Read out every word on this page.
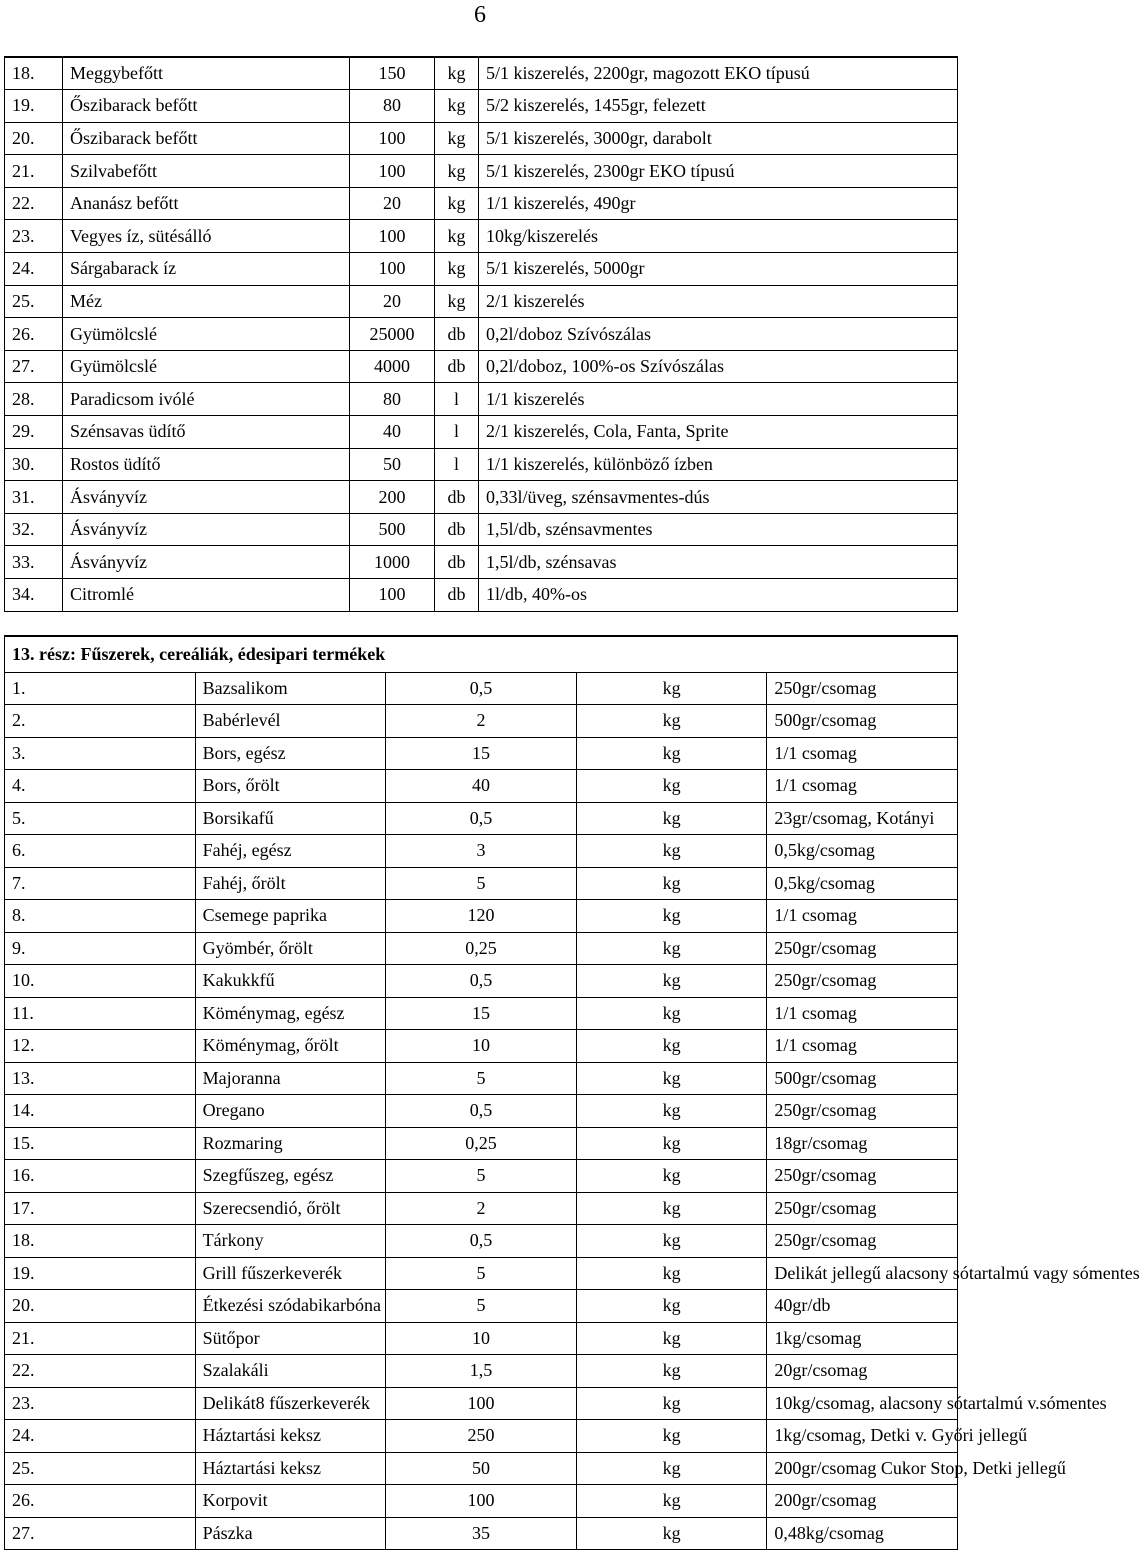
6
18.	Meggybefőtt	150	kg	5/1 kiszerelés, 2200gr, magozott EKO típusú
19.	Őszibarack befőtt	80	kg	5/2 kiszerelés, 1455gr, felezett
20.	Őszibarack befőtt	100	kg	5/1 kiszerelés, 3000gr, darabolt
21.	Szilvabefőtt	100	kg	5/1 kiszerelés, 2300gr EKO típusú
22.	Ananász befőtt	20	kg	1/1 kiszerelés, 490gr
23.	Vegyes íz, sütésálló	100	kg	10kg/kiszerelés
24.	Sárgabarack íz	100	kg	5/1 kiszerelés, 5000gr
25.	Méz	20	kg	2/1 kiszerelés
26.	Gyümölcslé	25000	db	0,2l/doboz Szívószálas
27.	Gyümölcslé	4000	db	0,2l/doboz, 100%-os Szívószálas
28.	Paradicsom ivólé	80	l	1/1 kiszerelés
29.	Szénsavas üdítő	40	l	2/1 kiszerelés, Cola, Fanta, Sprite
30.	Rostos üdítő	50	l	1/1 kiszerelés, különböző ízben
31.	Ásványvíz	200	db	0,33l/üveg, szénsavmentes-dús
32.	Ásványvíz	500	db	1,5l/db, szénsavmentes
33.	Ásványvíz	1000	db	1,5l/db, szénsavas
34.	Citromlé	100	db	1l/db, 40%-os
13. rész: Fűszerek, cereáliák, édesipari termékek				
1.	Bazsalikom	0,5	kg	250gr/csomag
2.	Babérlevél	2	kg	500gr/csomag
3.	Bors, egész	15	kg	1/1 csomag
4.	Bors, őrölt	40	kg	1/1 csomag
5.	Borsikafű	0,5	kg	23gr/csomag, Kotányi
6.	Fahéj, egész	3	kg	0,5kg/csomag
7.	Fahéj, őrölt	5	kg	0,5kg/csomag
8.	Csemege paprika	120	kg	1/1 csomag
9.	Gyömbér, őrölt	0,25	kg	250gr/csomag
10.	Kakukkfű	0,5	kg	250gr/csomag
11.	Köménymag, egész	15	kg	1/1 csomag
12.	Köménymag, őrölt	10	kg	1/1 csomag
13.	Majoranna	5	kg	500gr/csomag
14.	Oregano	0,5	kg	250gr/csomag
15.	Rozmaring	0,25	kg	18gr/csomag
16.	Szegfűszeg, egész	5	kg	250gr/csomag
17.	Szerecsendió, őrölt	2	kg	250gr/csomag
18.	Tárkony	0,5	kg	250gr/csomag
19.	Grill fűszerkeverék	5	kg	Delikát jellegű alacsony sótartalmú vagy sómentes
20.	Étkezési szódabikarbóna	5	kg	40gr/db
21.	Sütőpor	10	kg	1kg/csomag
22.	Szalakáli	1,5	kg	20gr/csomag
23.	Delikát8 fűszerkeverék	100	kg	10kg/csomag, alacsony sótartalmú v.sómentes
24.	Háztartási keksz	250	kg	1kg/csomag, Detki v. Győri jellegű
25.	Háztartási keksz	50	kg	200gr/csomag Cukor Stop, Detki jellegű
26.	Korpovit	100	kg	200gr/csomag
27.	Pászka	35	kg	0,48kg/csomag
